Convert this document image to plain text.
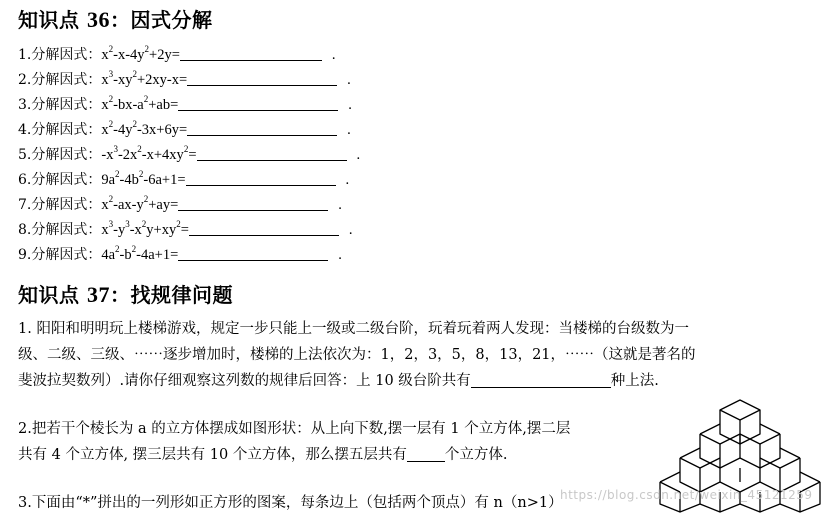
知识点 36：因式分解
1.分解因式：$x^2-x-4y^2+2y=$	.
2.分解因式：$x^3-xy^2+2xy-x=$	.
3.分解因式：$x^2-bx-a^2+ab=$	.
4.分解因式：$x^2-4y^2-3x+6y=$	.
5.分解因式：$-x^3-2x^2-x+4xy^2=$	.
6.分解因式：$9a^2-4b^2-6a+1=$	.
7.分解因式：$x^2-ax-y^2+ay=$	.
8.分解因式：$x^3-y^3-x^2y+xy^2=$	.
9.分解因式：$4a^2-b^2-4a+1=$	.
知识点 37：找规律问题
1. 阳阳和明明玩上楼梯游戏，规定一步只能上一级或二级台阶，玩着玩着两人发现：当楼梯的台级数为一
级、二级、三级、⋯⋯逐步增加时，楼梯的上法依次为：1，2，3，5，8，13，21，⋯⋯（这就是著名的
斐波拉契数列）.请你仔细观察这列数的规律后回答：上 10 级台阶共有	种上法.
2.把若干个棱长为 a 的立方体摆成如图形状：从上向下数,摆一层有 1 个立方体,摆二层
共有 4 个立方体, 摆三层共有 10 个立方体，那么摆五层共有	个立方体.
3.下面由“*”拼出的一列形如正方形的图案，每条边上（包括两个顶点）有 n（n>1）
https://blog.csdn.net/weixin_45121259
